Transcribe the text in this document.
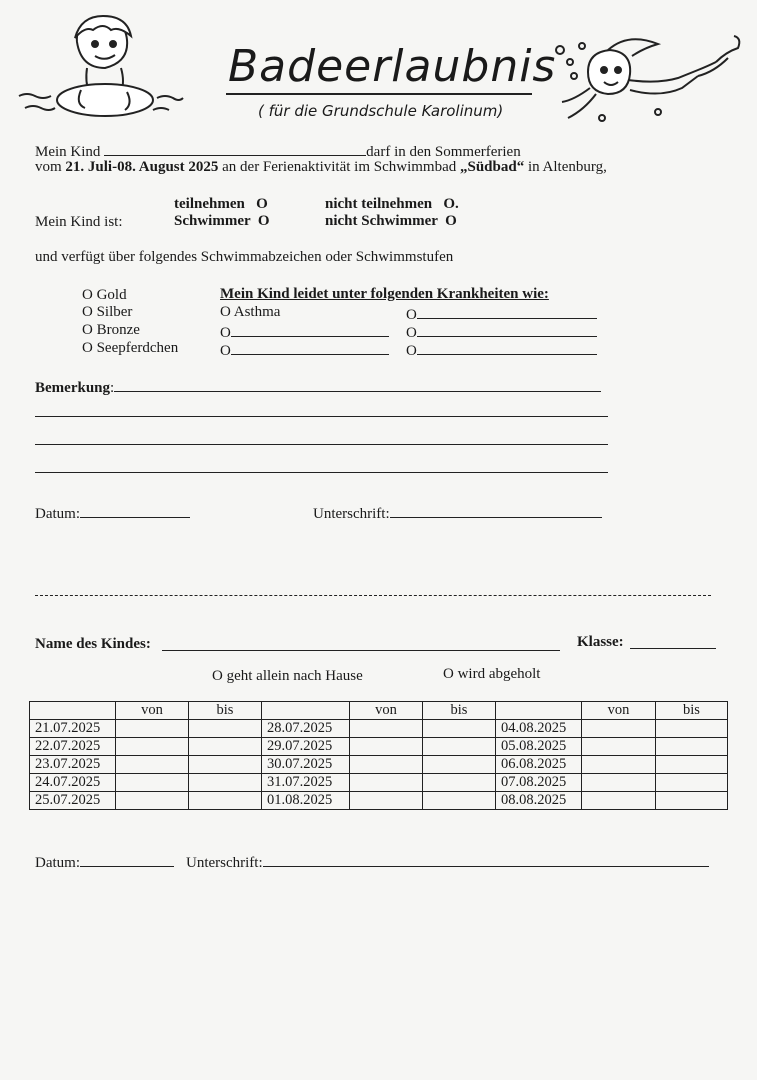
Badeerlaubnis
( für die Grundschule Karolinum)
Mein Kind	darf in den Sommerferien
vom 21. Juli-08. August 2025 an der Ferienaktivität im Schwimmbad „Südbad“ in Altenburg,
teilnehmen   O	nicht teilnehmen   O.
Mein Kind ist:	Schwimmer  O	nicht Schwimmer  O
und verfügt über folgendes Schwimmabzeichen oder Schwimmstufen
O Gold
O Silber
O Bronze
O Seepferdchen
Mein Kind leidet unter folgenden Krankheiten wie:
O Asthma	O
O	O
O	O
Bemerkung:
Datum:	Unterschrift:
Name des Kindes:	Klasse:
O geht allein nach Hause	O wird abgeholt
	von	bis		von	bis		von	bis
21.07.2025			28.07.2025			04.08.2025		
22.07.2025			29.07.2025			05.08.2025		
23.07.2025			30.07.2025			06.08.2025		
24.07.2025			31.07.2025			07.08.2025		
25.07.2025			01.08.2025			08.08.2025		
Datum:	Unterschrift:
